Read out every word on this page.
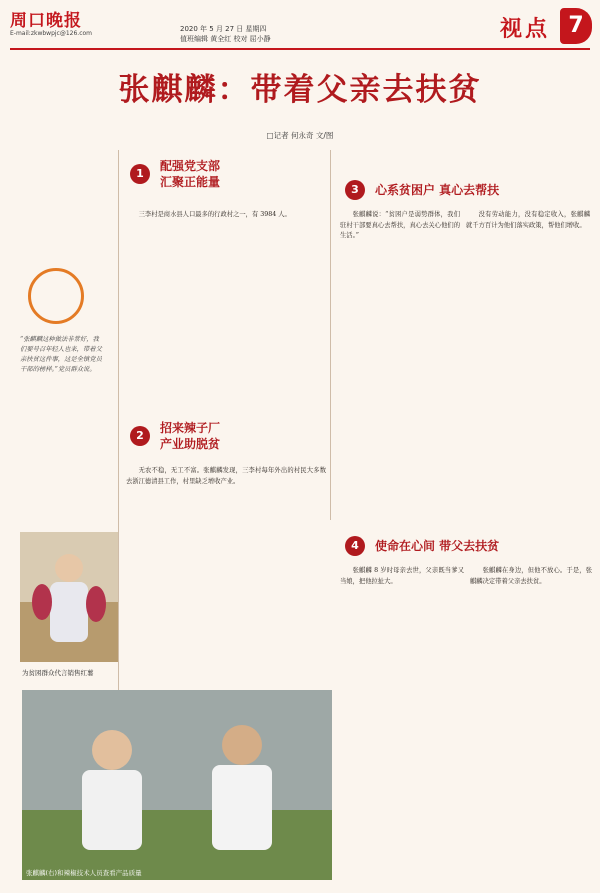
周口晚报
E-mail:zkwbwpjc@126.com
2020 年 5 月 27 日 星期四
值班编辑 黄全红 校对 屈小静	视点 7
张麒麟：带着父亲去扶贫
□记者 何永奇 文/图
“张麒麟这种做法非常好，我们要号召年轻人也来，带着父亲扶贫这件事，这是全镇党员干部的榜样。”党员群众说。
1
配强党支部
汇聚正能量

三李村是商水县人口最多的行政村之一，有 3984 人。

2
招来辣子厂
产业助脱贫

无农不稳，无工不富。张麒麟发现，三李村每年外出的村民大多数去浙江德清县工作，村里缺乏增收产业。

3	心系贫困户 真心去帮扶

张麒麟说：“贫困户是弱势群体，我们驻村干部要真心去帮扶，真心去关心他们的生活。”

没有劳动能力，没有稳定收入，张麒麟就千方百计为他们落实政策，帮他们增收。

4	使命在心间 带父去扶贫

张麒麟 8 岁时母亲去世，父亲既当爹又当娘，把他拉扯大。

张麒麟在身边，但他不放心。于是，张麒麟决定带着父亲去扶贫。

为贫困群众代言销售红薯
张麒麟(右)和辣椒技术人员查看产品质量
